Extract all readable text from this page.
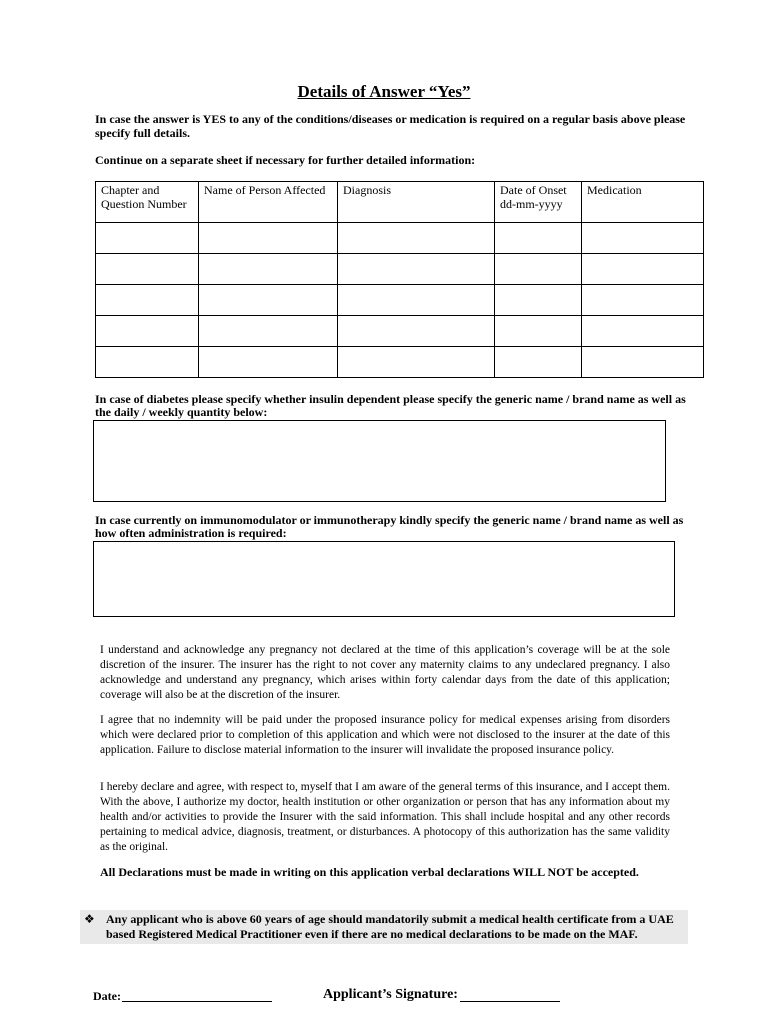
Details of Answer “Yes”
In case the answer is YES to any of the conditions/diseases or medication is required on a regular basis above please specify full details.
Continue on a separate sheet if necessary for further detailed information:
Chapter and Question Number	Name of Person Affected	Diagnosis	Date of Onset dd-mm-yyyy	Medication

In case of diabetes please specify whether insulin dependent please specify the generic name / brand name as well as the daily / weekly quantity below:
In case currently on immunomodulator or immunotherapy kindly specify the generic name / brand name as well as how often administration is required:

I understand and acknowledge any pregnancy not declared at the time of this application’s coverage will be at the sole discretion of the insurer. The insurer has the right to not cover any maternity claims to any undeclared pregnancy. I also acknowledge and understand any pregnancy, which arises within forty calendar days from the date of this application; coverage will also be at the discretion of the insurer.

I agree that no indemnity will be paid under the proposed insurance policy for medical expenses arising from disorders which were declared prior to completion of this application and which were not disclosed to the insurer at the date of this application. Failure to disclose material information to the insurer will invalidate the proposed insurance policy.

I hereby declare and agree, with respect to, myself that I am aware of the general terms of this insurance, and I accept them. With the above, I authorize my doctor, health institution or other organization or person that has any information about my health and/or activities to provide the Insurer with the said information. This shall include hospital and any other records pertaining to medical advice, diagnosis, treatment, or disturbances. A photocopy of this authorization has the same validity as the original.

All Declarations must be made in writing on this application verbal declarations WILL NOT be accepted.
❖ Any applicant who is above 60 years of age should mandatorily submit a medical health certificate from a UAE based Registered Medical Practitioner even if there are no medical declarations to be made on the MAF.
Date:	Applicant’s Signature:
